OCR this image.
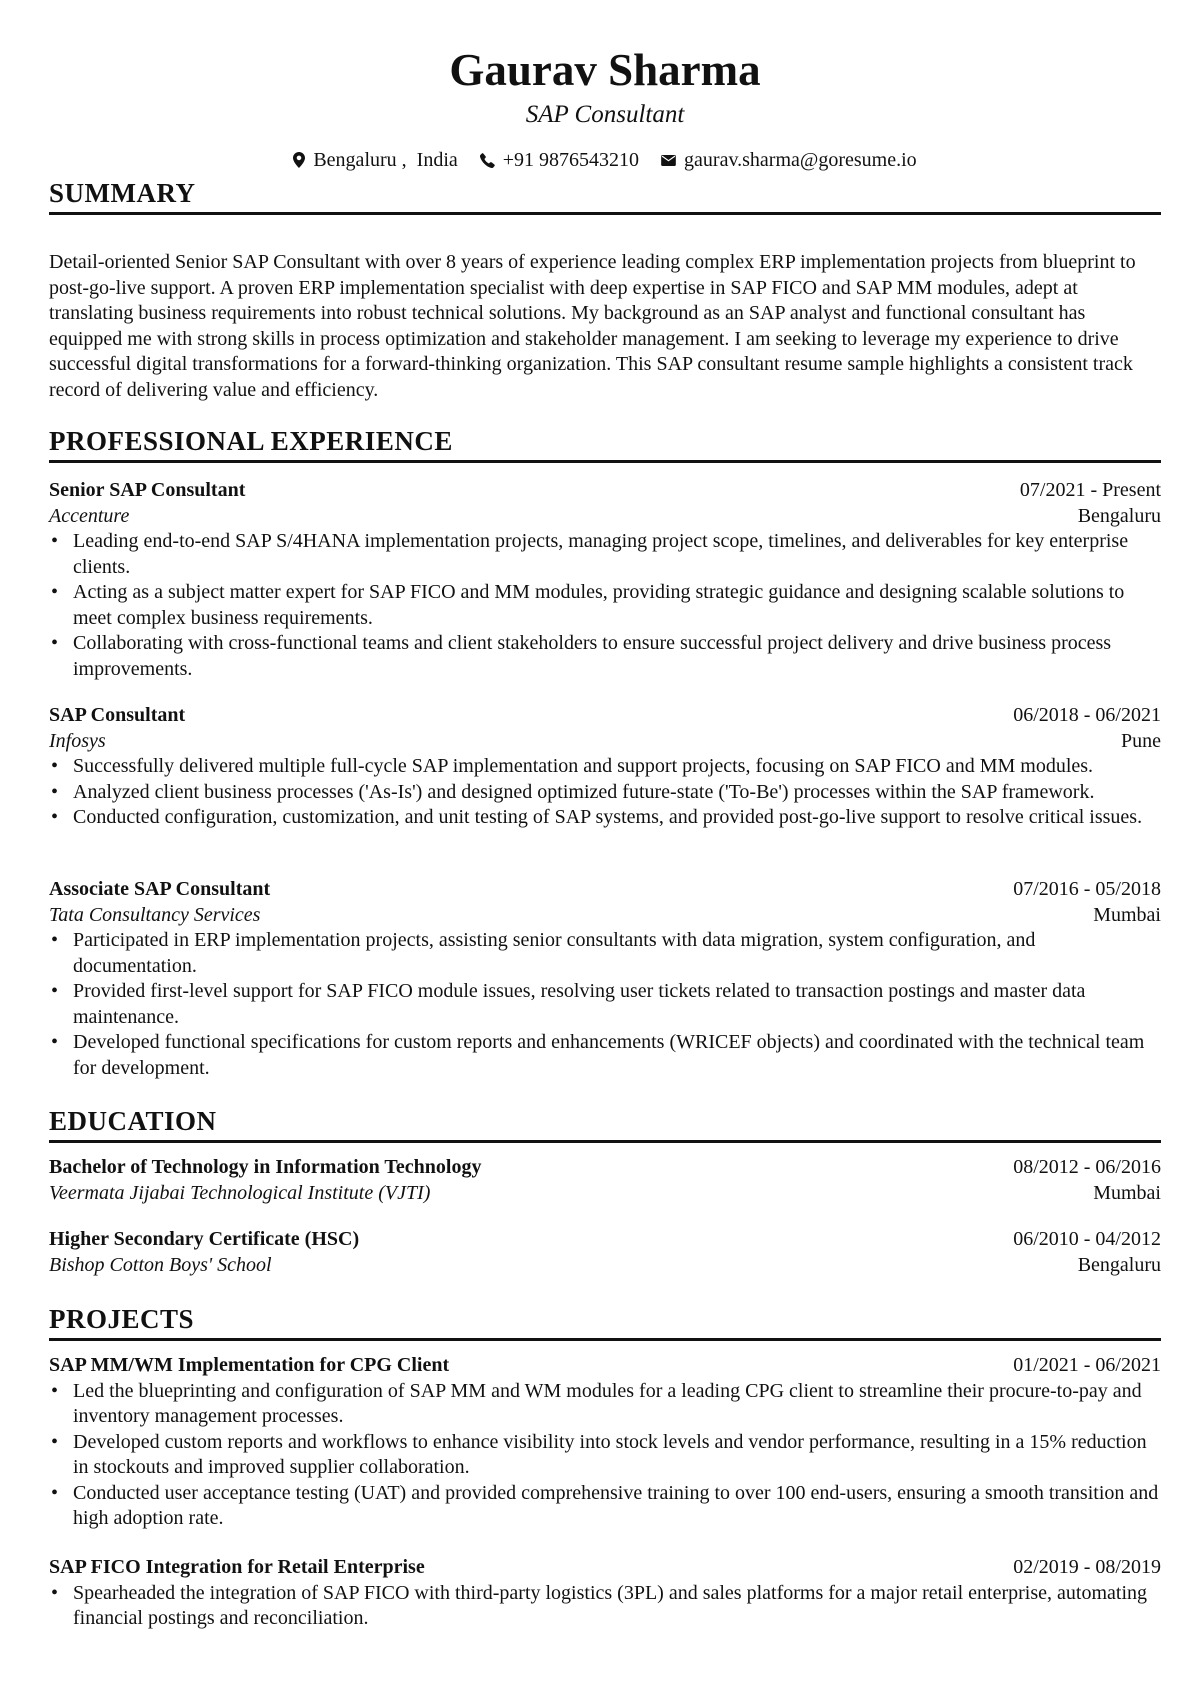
Gaurav Sharma
SAP Consultant
Bengaluru ,  India +91 9876543210 gaurav.sharma@goresume.io
SUMMARY
Detail-oriented Senior SAP Consultant with over 8 years of experience leading complex ERP implementation projects from blueprint to post-go-live support. A proven ERP implementation specialist with deep expertise in SAP FICO and SAP MM modules, adept at translating business requirements into robust technical solutions. My background as an SAP analyst and functional consultant has equipped me with strong skills in process optimization and stakeholder management. I am seeking to leverage my experience to drive successful digital transformations for a forward-thinking organization. This SAP consultant resume sample highlights a consistent track record of delivering value and efficiency.
PROFESSIONAL EXPERIENCE
Senior SAP Consultant	07/2021 - Present
Accenture	Bengaluru
• Leading end-to-end SAP S/4HANA implementation projects, managing project scope, timelines, and deliverables for key enterprise clients.
• Acting as a subject matter expert for SAP FICO and MM modules, providing strategic guidance and designing scalable solutions to meet complex business requirements.
• Collaborating with cross-functional teams and client stakeholders to ensure successful project delivery and drive business process improvements.
SAP Consultant	06/2018 - 06/2021
Infosys	Pune
• Successfully delivered multiple full-cycle SAP implementation and support projects, focusing on SAP FICO and MM modules.
• Analyzed client business processes ('As-Is') and designed optimized future-state ('To-Be') processes within the SAP framework.
• Conducted configuration, customization, and unit testing of SAP systems, and provided post-go-live support to resolve critical issues.
Associate SAP Consultant	07/2016 - 05/2018
Tata Consultancy Services	Mumbai
• Participated in ERP implementation projects, assisting senior consultants with data migration, system configuration, and documentation.
• Provided first-level support for SAP FICO module issues, resolving user tickets related to transaction postings and master data maintenance.
• Developed functional specifications for custom reports and enhancements (WRICEF objects) and coordinated with the technical team for development.
EDUCATION
Bachelor of Technology in Information Technology	08/2012 - 06/2016
Veermata Jijabai Technological Institute (VJTI)	Mumbai
Higher Secondary Certificate (HSC)	06/2010 - 04/2012
Bishop Cotton Boys' School	Bengaluru
PROJECTS
SAP MM/WM Implementation for CPG Client	01/2021 - 06/2021
• Led the blueprinting and configuration of SAP MM and WM modules for a leading CPG client to streamline their procure-to-pay and inventory management processes.
• Developed custom reports and workflows to enhance visibility into stock levels and vendor performance, resulting in a 15% reduction in stockouts and improved supplier collaboration.
• Conducted user acceptance testing (UAT) and provided comprehensive training to over 100 end-users, ensuring a smooth transition and high adoption rate.
SAP FICO Integration for Retail Enterprise	02/2019 - 08/2019
• Spearheaded the integration of SAP FICO with third-party logistics (3PL) and sales platforms for a major retail enterprise, automating financial postings and reconciliation.
